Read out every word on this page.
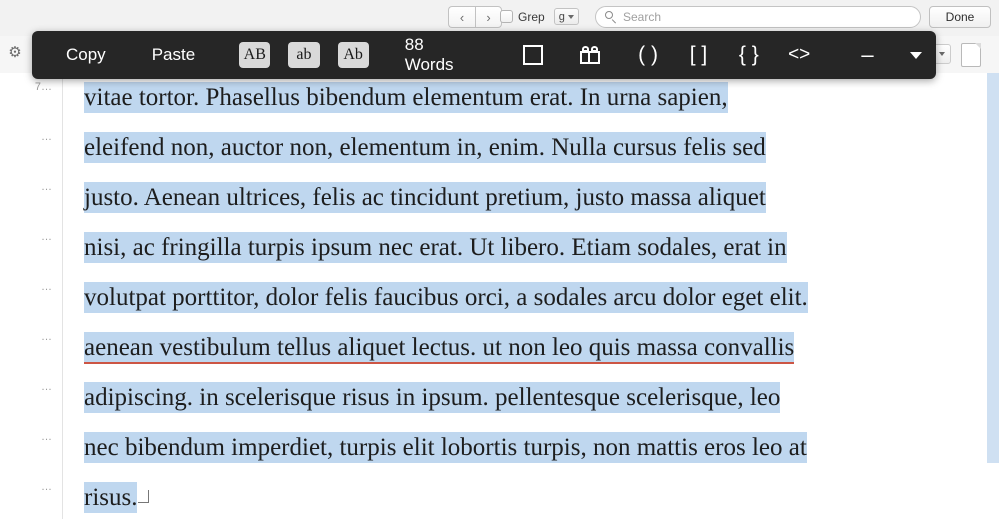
‹	›	Grep g
Search	Done
⚙
7…
…
…
…
…
…
…
…
…
vitae tortor. Phasellus bibendum elementum erat. In urna sapien,
eleifend non, auctor non, elementum in, enim. Nulla cursus felis sed
justo. Aenean ultrices, felis ac tincidunt pretium, justo massa aliquet
nisi, ac fringilla turpis ipsum nec erat. Ut libero. Etiam sodales, erat in
volutpat porttitor, dolor felis faucibus orci, a sodales arcu dolor eget elit.
aenean vestibulum tellus aliquet lectus. ut non leo quis massa convallis
adipiscing. in scelerisque risus in ipsum. pellentesque scelerisque, leo
nec bibendum imperdiet, turpis elit lobortis turpis, non mattis eros leo at
risus.
Copy	Paste	AB	ab	Ab
88 Words	( )	[ ]	{ }	<>	–
